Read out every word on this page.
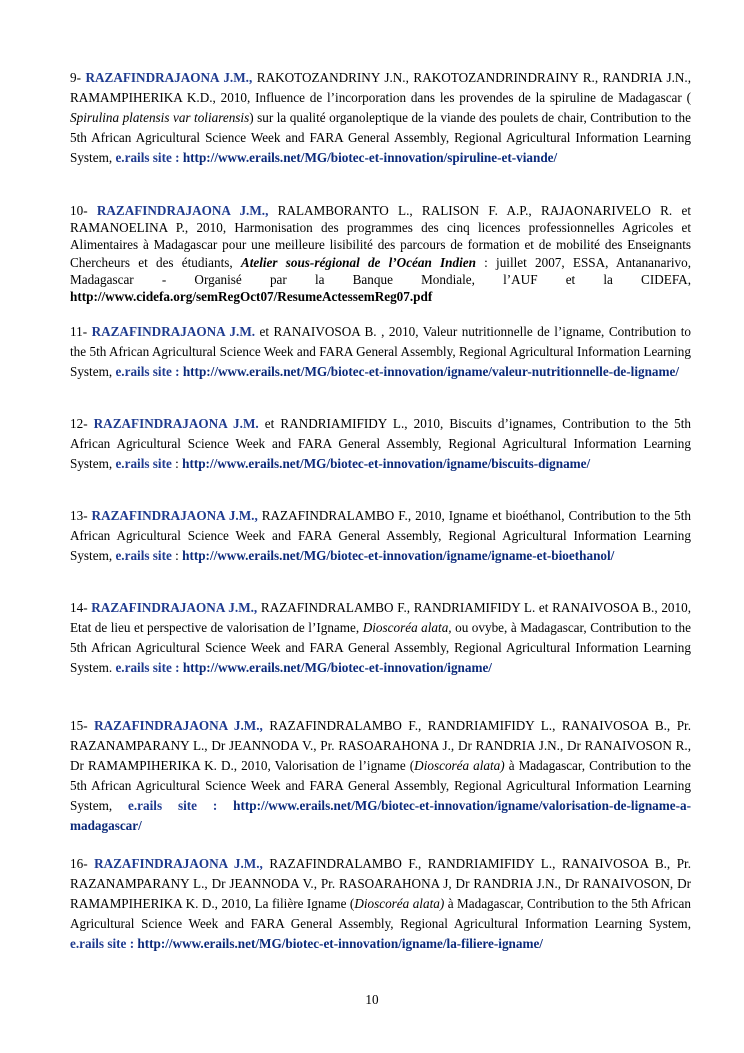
9- RAZAFINDRAJAONA J.M., RAKOTOZANDRINY J.N., RAKOTOZANDRINDRAINY R., RANDRIA J.N., RAMAMPIHERIKA K.D., 2010, Influence de l’incorporation dans les provendes de la spiruline de Madagascar ( Spirulina platensis var toliarensis) sur la qualité organoleptique de la viande des poulets de chair, Contribution to the 5th African Agricultural Science Week and FARA General Assembly, Regional Agricultural Information Learning System, e.rails site : http://www.erails.net/MG/biotec-et-innovation/spiruline-et-viande/

10- RAZAFINDRAJAONA J.M., RALAMBORANTO L., RALISON F. A.P., RAJAONARIVELO R. et RAMANOELINA P., 2010, Harmonisation des programmes des cinq licences professionnelles Agricoles et Alimentaires à Madagascar pour une meilleure lisibilité des parcours de formation et de mobilité des Enseignants Chercheurs et des étudiants, Atelier sous-régional de l’Océan Indien : juillet 2007, ESSA, Antananarivo, Madagascar - Organisé par la Banque Mondiale, l’AUF et la CIDEFA, http://www.cidefa.org/semRegOct07/ResumeActessemReg07.pdf

11- RAZAFINDRAJAONA J.M. et RANAIVOSOA B. , 2010, Valeur nutritionnelle de l’igname, Contribution to the 5th African Agricultural Science Week and FARA General Assembly, Regional Agricultural Information Learning System, e.rails site : http://www.erails.net/MG/biotec-et-innovation/igname/valeur-nutritionnelle-de-ligname/

12- RAZAFINDRAJAONA J.M. et RANDRIAMIFIDY L., 2010, Biscuits d’ignames, Contribution to the 5th African Agricultural Science Week and FARA General Assembly, Regional Agricultural Information Learning System, e.rails site : http://www.erails.net/MG/biotec-et-innovation/igname/biscuits-digname/

13- RAZAFINDRAJAONA J.M., RAZAFINDRALAMBO F., 2010, Igname et bioéthanol, Contribution to the 5th African Agricultural Science Week and FARA General Assembly, Regional Agricultural Information Learning System, e.rails site : http://www.erails.net/MG/biotec-et-innovation/igname/igname-et-bioethanol/

14- RAZAFINDRAJAONA J.M., RAZAFINDRALAMBO F., RANDRIAMIFIDY L. et RANAIVOSOA B., 2010, Etat de lieu et perspective de valorisation de l’Igname, Dioscoréa alata, ou ovybe, à Madagascar, Contribution to the 5th African Agricultural Science Week and FARA General Assembly, Regional Agricultural Information Learning System. e.rails site : http://www.erails.net/MG/biotec-et-innovation/igname/

15- RAZAFINDRAJAONA J.M., RAZAFINDRALAMBO F., RANDRIAMIFIDY L., RANAIVOSOA B., Pr. RAZANAMPARANY L., Dr JEANNODA V., Pr. RASOARAHONA J., Dr RANDRIA J.N., Dr RANAIVOSON R., Dr RAMAMPIHERIKA K. D., 2010, Valorisation de l’igname (Dioscoréa alata) à Madagascar, Contribution to the 5th African Agricultural Science Week and FARA General Assembly, Regional Agricultural Information Learning System, e.rails site : http://www.erails.net/MG/biotec-et-innovation/igname/valorisation-de-ligname-a-madagascar/

16- RAZAFINDRAJAONA J.M., RAZAFINDRALAMBO F., RANDRIAMIFIDY L., RANAIVOSOA B., Pr. RAZANAMPARANY L., Dr JEANNODA V., Pr. RASOARAHONA J, Dr RANDRIA J.N., Dr RANAIVOSON, Dr RAMAMPIHERIKA K. D., 2010, La filière Igname (Dioscoréa alata) à Madagascar, Contribution to the 5th African Agricultural Science Week and FARA General Assembly, Regional Agricultural Information Learning System, e.rails site : http://www.erails.net/MG/biotec-et-innovation/igname/la-filiere-igname/

10
